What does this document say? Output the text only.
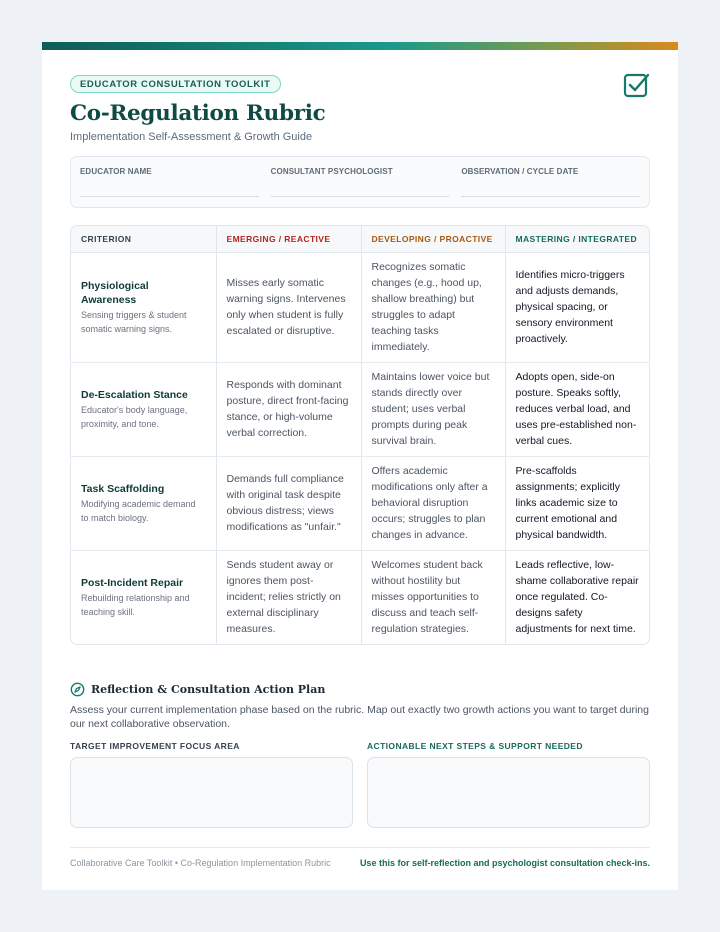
EDUCATOR CONSULTATION TOOLKIT
Co-Regulation Rubric
Implementation Self-Assessment & Growth Guide
EDUCATOR NAME	CONSULTANT PSYCHOLOGIST	OBSERVATION / CYCLE DATE
CRITERION	EMERGING / REACTIVE	DEVELOPING / PROACTIVE	MASTERING / INTEGRATED

Physiological Awareness
Sensing triggers & student somatic warning signs.	Misses early somatic warning signs. Intervenes only when student is fully escalated or disruptive.	Recognizes somatic changes (e.g., hood up, shallow breathing) but struggles to adapt teaching tasks immediately.	Identifies micro-triggers and adjusts demands, physical spacing, or sensory environment proactively.

De-Escalation Stance
Educator's body language, proximity, and tone.	Responds with dominant posture, direct front-facing stance, or high-volume verbal correction.	Maintains lower voice but stands directly over student; uses verbal prompts during peak survival brain.	Adopts open, side-on posture. Speaks softly, reduces verbal load, and uses pre-established non-verbal cues.

Task Scaffolding
Modifying academic demand to match biology.	Demands full compliance with original task despite obvious distress; views modifications as "unfair."	Offers academic modifications only after a behavioral disruption occurs; struggles to plan changes in advance.	Pre-scaffolds assignments; explicitly links academic size to current emotional and physical bandwidth.

Post-Incident Repair
Rebuilding relationship and teaching skill.	Sends student away or ignores them post-incident; relies strictly on external disciplinary measures.	Welcomes student back without hostility but misses opportunities to discuss and teach self-regulation strategies.	Leads reflective, low-shame collaborative repair once regulated. Co-designs safety adjustments for next time.
Reflection & Consultation Action Plan
Assess your current implementation phase based on the rubric. Map out exactly two growth actions you want to target during our next collaborative observation.
TARGET IMPROVEMENT FOCUS AREA	ACTIONABLE NEXT STEPS & SUPPORT NEEDED
Collaborative Care Toolkit • Co-Regulation Implementation Rubric	Use this for self-reflection and psychologist consultation check-ins.
